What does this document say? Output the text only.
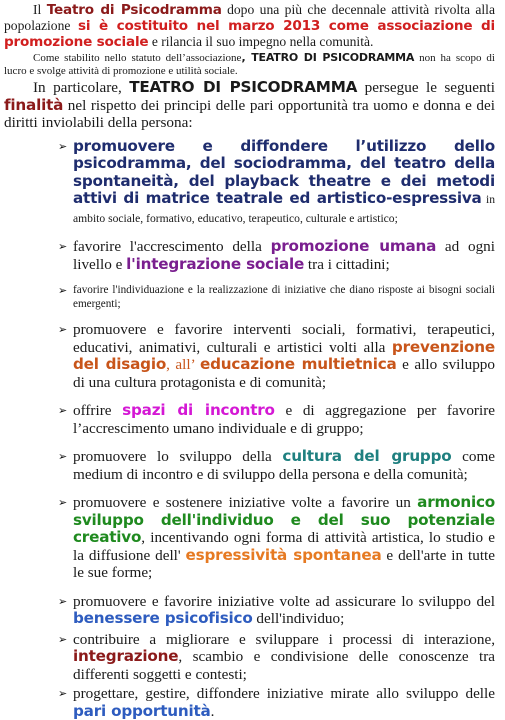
Il Teatro di Psicodramma dopo una più che decennale attività rivolta alla popolazione si è costituito nel marzo 2013 come associazione di promozione sociale e rilancia il suo impegno nella comunità.

Come stabilito nello statuto dell’associazione, TEATRO DI PSICODRAMMA non ha scopo di lucro e svolge attività di promozione e utilità sociale.

In particolare, TEATRO DI PSICODRAMMA persegue le seguenti finalità nel rispetto dei principi delle pari opportunità tra uomo e donna e dei diritti inviolabili della persona:

➢ promuovere e diffondere l’utilizzo dello psicodramma, del sociodramma, del teatro della spontaneità, del playback theatre e dei metodi attivi di matrice teatrale ed artistico-espressiva in ambito sociale, formativo, educativo, terapeutico, culturale e artistico;
➢ favorire l'accrescimento della promozione umana ad ogni livello e l'integrazione sociale tra i cittadini;
➢ favorire l'individuazione e la realizzazione di iniziative che diano risposte ai bisogni sociali emergenti;
➢ promuovere e favorire interventi sociali, formativi, terapeutici, educativi, animativi, culturali e artistici volti alla prevenzione del disagio, all’ educazione multietnica e allo sviluppo di una cultura protagonista e di comunità;
➢ offrire spazi di incontro e di aggregazione per favorire l’accrescimento umano individuale e di gruppo;
➢ promuovere lo sviluppo della cultura del gruppo come medium di incontro e di sviluppo della persona e della comunità;
➢ promuovere e sostenere iniziative volte a favorire un armonico sviluppo dell'individuo e del suo potenziale creativo, incentivando ogni forma di attività artistica, lo studio e la diffusione dell' espressività spontanea e dell'arte in tutte le sue forme;
➢ promuovere e favorire iniziative volte ad assicurare lo sviluppo del benessere psicofisico dell'individuo;
➢ contribuire a migliorare e sviluppare i processi di interazione, integrazione, scambio e condivisione delle conoscenze tra differenti soggetti e contesti;
➢ progettare, gestire, diffondere iniziative mirate allo sviluppo delle pari opportunità.
